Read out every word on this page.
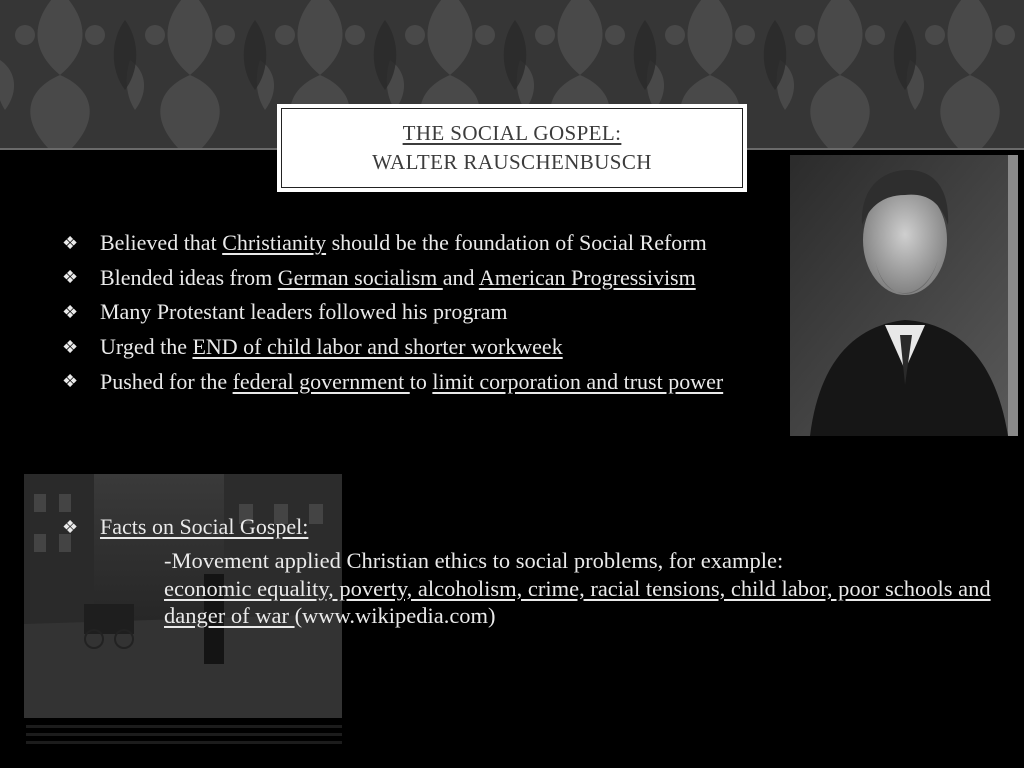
THE SOCIAL GOSPEL:
WALTER RAUSCHENBUSCH
❖ Believed that Christianity should be the foundation of Social Reform
❖ Blended ideas from German socialism and American Progressivism
❖ Many Protestant leaders followed his program
❖ Urged the END of child labor and shorter workweek
❖ Pushed for the federal government to limit corporation and trust power
❖ Facts on Social Gospel:
-Movement applied Christian ethics to social problems, for example:
economic equality, poverty, alcoholism, crime, racial tensions, child labor, poor schools and danger of war (www.wikipedia.com)
